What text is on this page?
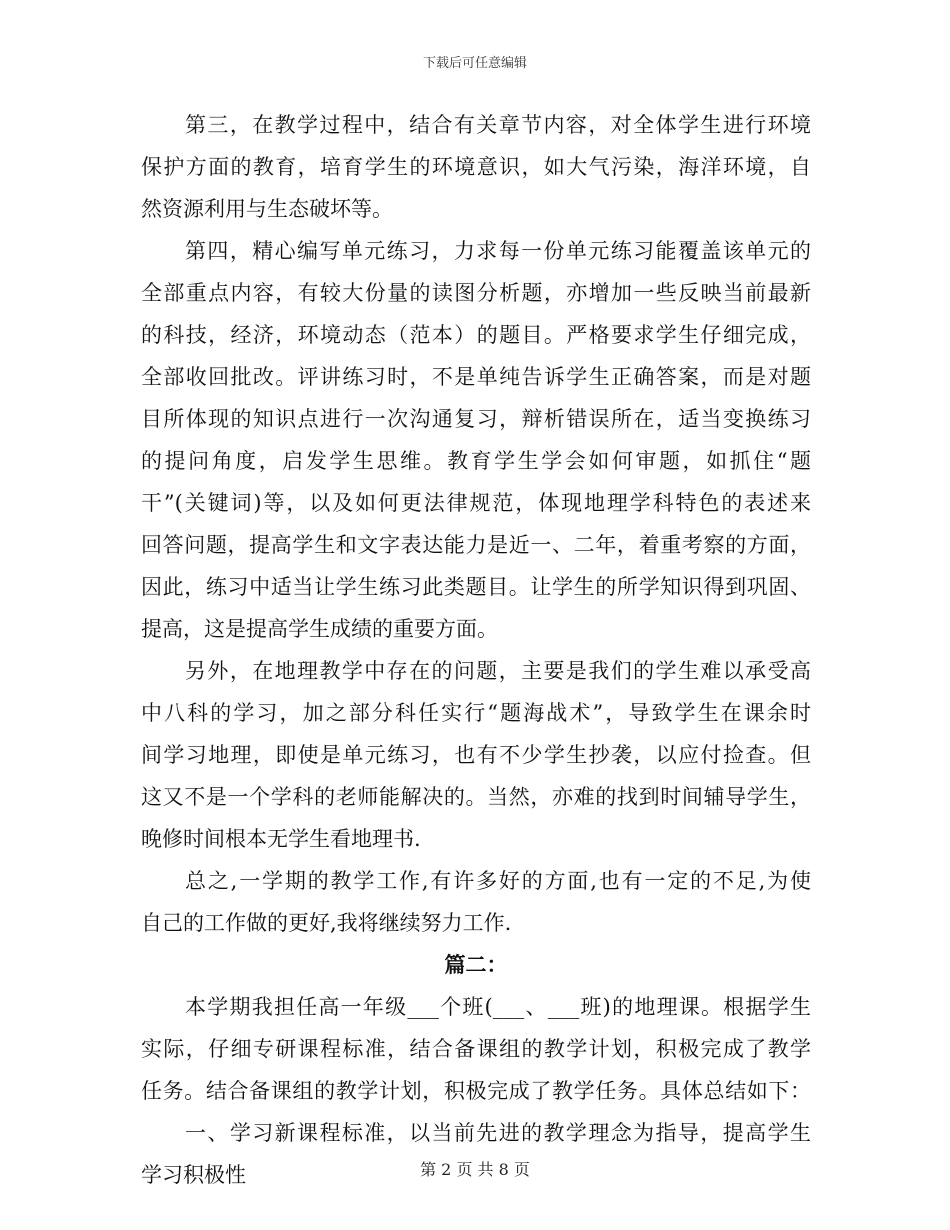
下载后可任意编辑
第三，在教学过程中，结合有关章节内容，对全体学生进行环境
保护方面的教育，培育学生的环境意识，如大气污染，海洋环境，自
然资源利用与生态破坏等。
第四，精心编写单元练习，力求每一份单元练习能覆盖该单元的
全部重点内容，有较大份量的读图分析题，亦增加一些反映当前最新
的科技，经济，环境动态（范本）的题目。严格要求学生仔细完成，
全部收回批改。评讲练习时，不是单纯告诉学生正确答案，而是对题
目所体现的知识点进行一次沟通复习，辩析错误所在，适当变换练习
的提问角度，启发学生思维。教育学生学会如何审题，如抓住“题
干”(关键词)等，以及如何更法律规范，体现地理学科特色的表述来
回答问题，提高学生和文字表达能力是近一、二年，着重考察的方面，
因此，练习中适当让学生练习此类题目。让学生的所学知识得到巩固、
提高，这是提高学生成绩的重要方面。
另外，在地理教学中存在的问题，主要是我们的学生难以承受高
中八科的学习，加之部分科任实行“题海战术”，导致学生在课余时
间学习地理，即使是单元练习，也有不少学生抄袭，以应付捡查。但
这又不是一个学科的老师能解决的。当然，亦难的找到时间辅导学生，
晚修时间根本无学生看地理书.
总之,一学期的教学工作,有许多好的方面,也有一定的不足,为使
自己的工作做的更好,我将继续努力工作.
篇二：
本学期我担任高一年级___个班(___、___班)的地理课。根据学生
实际，仔细专研课程标准，结合备课组的教学计划，积极完成了教学
任务。结合备课组的教学计划，积极完成了教学任务。具体总结如下：
一、学习新课程标准，以当前先进的教学理念为指导，提高学生
学习积极性	第 2 页 共 8 页
